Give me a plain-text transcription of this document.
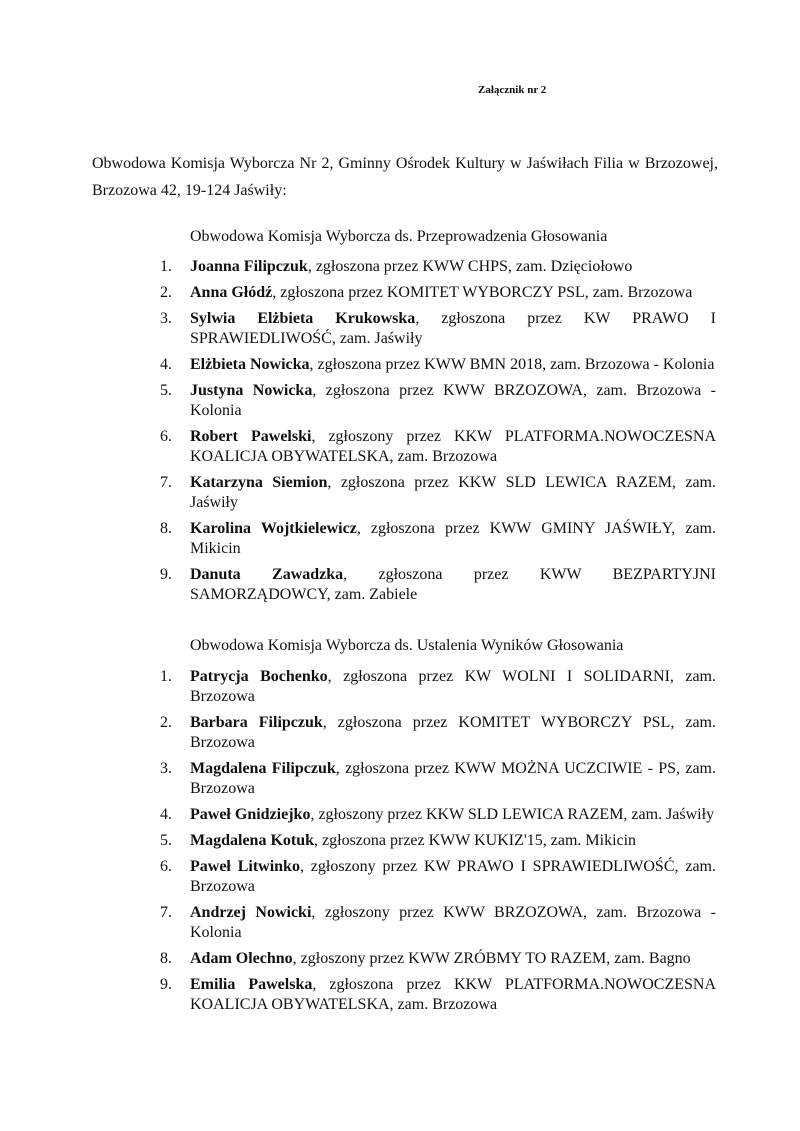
Załącznik nr 2
Obwodowa Komisja Wyborcza Nr 2, Gminny Ośrodek Kultury w Jaświłach Filia w Brzozowej,
Brzozowa 42, 19-124 Jaświły:
Obwodowa Komisja Wyborcza ds. Przeprowadzenia Głosowania
1. Joanna Filipczuk, zgłoszona przez KWW CHPS, zam. Dzięciołowo
2. Anna Głódź, zgłoszona przez KOMITET WYBORCZY PSL, zam. Brzozowa
3. Sylwia Elżbieta Krukowska, zgłoszona przez KW PRAWO I SPRAWIEDLIWOŚĆ, zam. Jaświły
4. Elżbieta Nowicka, zgłoszona przez KWW BMN 2018, zam. Brzozowa - Kolonia
5. Justyna Nowicka, zgłoszona przez KWW BRZOZOWA, zam. Brzozowa - Kolonia
6. Robert Pawelski, zgłoszony przez KKW PLATFORMA.NOWOCZESNA KOALICJA OBYWATELSKA, zam. Brzozowa
7. Katarzyna Siemion, zgłoszona przez KKW SLD LEWICA RAZEM, zam. Jaświły
8. Karolina Wojtkielewicz, zgłoszona przez KWW GMINY JAŚWIŁY, zam. Mikicin
9. Danuta Zawadzka, zgłoszona przez KWW BEZPARTYJNI SAMORZĄDOWCY, zam. Zabiele
Obwodowa Komisja Wyborcza ds. Ustalenia Wyników Głosowania
1. Patrycja Bochenko, zgłoszona przez KW WOLNI I SOLIDARNI, zam. Brzozowa
2. Barbara Filipczuk, zgłoszona przez KOMITET WYBORCZY PSL, zam. Brzozowa
3. Magdalena Filipczuk, zgłoszona przez KWW MOŻNA UCZCIWIE - PS, zam. Brzozowa
4. Paweł Gnidziejko, zgłoszony przez KKW SLD LEWICA RAZEM, zam. Jaświły
5. Magdalena Kotuk, zgłoszona przez KWW KUKIZ'15, zam. Mikicin
6. Paweł Litwinko, zgłoszony przez KW PRAWO I SPRAWIEDLIWOŚĆ, zam. Brzozowa
7. Andrzej Nowicki, zgłoszony przez KWW BRZOZOWA, zam. Brzozowa - Kolonia
8. Adam Olechno, zgłoszony przez KWW ZRÓBMY TO RAZEM, zam. Bagno
9. Emilia Pawelska, zgłoszona przez KKW PLATFORMA.NOWOCZESNA KOALICJA OBYWATELSKA, zam. Brzozowa
